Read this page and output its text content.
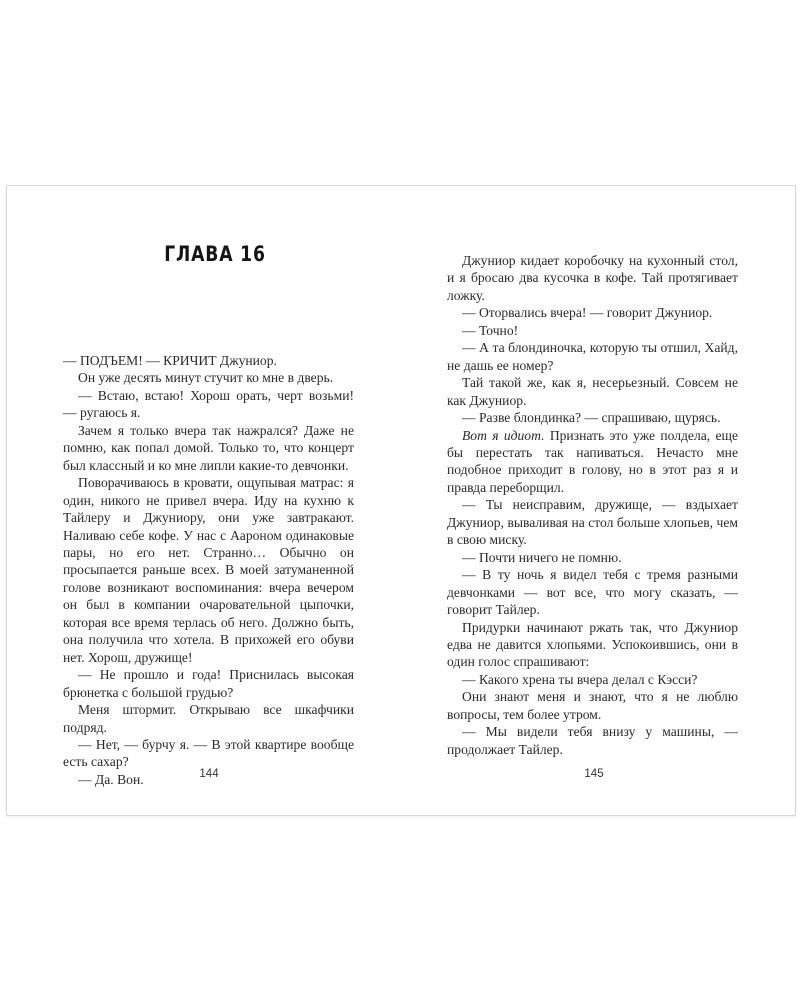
ГЛАВА 16

— ПОДЪЕМ! — КРИЧИТ Джуниор.

Он уже десять минут стучит ко мне в дверь.

— Встаю, встаю! Хорош орать, черт возьми! — ругаюсь я.

Зачем я только вчера так нажрался? Даже не помню, как попал домой. Только то, что концерт был классный и ко мне липли какие-то девчонки.

Поворачиваюсь в кровати, ощупывая матрас: я один, никого не привел вчера. Иду на кухню к Тайлеру и Джуниору, они уже завтракают. Наливаю себе кофе. У нас с Аароном одинаковые пары, но его нет. Странно… Обычно он просыпается раньше всех. В моей затуманенной голове возникают воспоминания: вчера вечером он был в компании очаровательной цыпочки, которая все время терлась об него. Должно быть, она получила что хотела. В прихожей его обуви нет. Хорош, дружище!

— Не прошло и года! Приснилась высокая брюнетка с большой грудью?

Меня штормит. Открываю все шкафчики подряд.

— Нет, — бурчу я. — В этой квартире вообще есть сахар?

— Да. Вон.	144

Джуниор кидает коробочку на кухонный стол, и я бросаю два кусочка в кофе. Тай протягивает ложку.

— Оторвались вчера! — говорит Джуниор.

— Точно!

— А та блондиночка, которую ты отшил, Хайд, не дашь ее номер?

Тай такой же, как я, несерьезный. Совсем не как Джуниор.

— Разве блондинка? — спрашиваю, щурясь.

Вот я идиот. Признать это уже полдела, еще бы перестать так напиваться. Нечасто мне подобное приходит в голову, но в этот раз я и правда переборщил.

— Ты неисправим, дружище, — вздыхает Джуниор, вываливая на стол больше хлопьев, чем в свою миску.

— Почти ничего не помню.

— В ту ночь я видел тебя с тремя разными девчонками — вот все, что могу сказать, — говорит Тайлер.

Придурки начинают ржать так, что Джуниор едва не давится хлопьями. Успокоившись, они в один голос спрашивают:

— Какого хрена ты вчера делал с Кэсси?

Они знают меня и знают, что я не люблю вопросы, тем более утром.

— Мы видели тебя внизу у машины, — продолжает Тайлер.

145
